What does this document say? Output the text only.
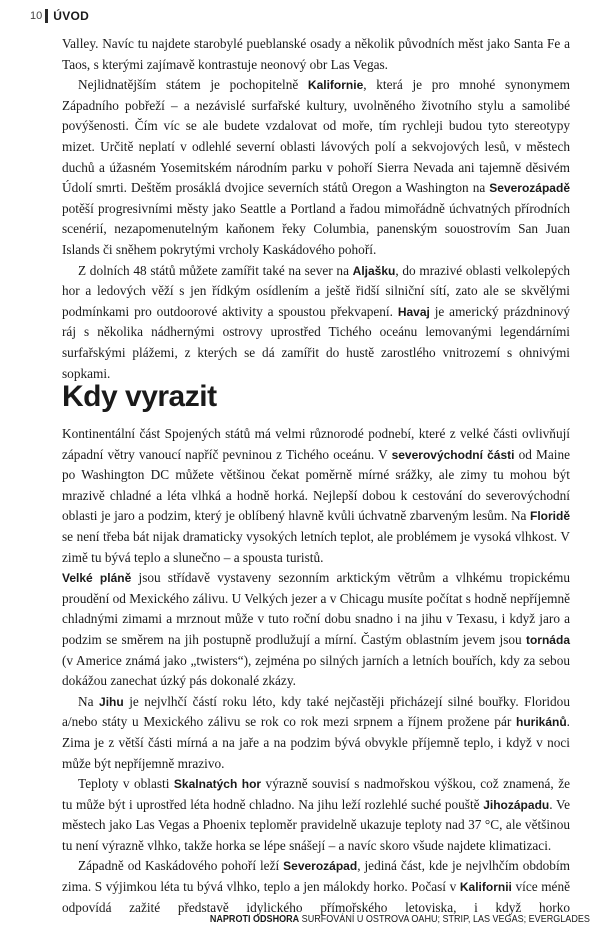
10 ÚVOD

Valley. Navíc tu najdete starobylé pueblanské osady a několik původních měst jako Santa Fe a Taos, s kterými zajímavě kontrastuje neonový obr Las Vegas.

Nejlidnatějším státem je pochopitelně Kalifornie, která je pro mnohé synonymem Západního pobřeží – a nezávislé surfařské kultury, uvolněného životního stylu a samolibé povýšenosti. Čím víc se ale budete vzdalovat od moře, tím rychleji budou tyto stereotypy mizet. Určitě neplatí v odlehlé severní oblasti lávových polí a sekvojových lesů, v městech duchů a úžasném Yosemitském národním parku v pohoří Sierra Nevada ani tajemně děsivém Údolí smrti. Deštěm prosáklá dvojice severních států Oregon a Washington na Severozápadě potěší progresivními městy jako Seattle a Portland a řadou mimořádně úchvatných přírodních scenérií, nezapomenutelným kaňonem řeky Columbia, panenským souostrovím San Juan Islands či sněhem pokrytými vrcholy Kaskádového pohoří.

Z dolních 48 států můžete zamířit také na sever na Aljašku, do mrazivé oblasti velkolepých hor a ledových věží s jen řídkým osídlením a ještě řidší silniční sítí, zato ale se skvělými podmínkami pro outdoorové aktivity a spoustou překvapení. Havaj je americký prázdninový ráj s několika nádhernými ostrovy uprostřed Tichého oceánu lemovanými legendárními surfařskými plážemi, z kterých se dá zamířit do hustě zarostlého vnitrozemí s ohnivými sopkami.

Kdy vyrazit

Kontinentální část Spojených států má velmi různorodé podnebí, které z velké části ovlivňují západní větry vanoucí napříč pevninou z Tichého oceánu. V severovýchodní části od Maine po Washington DC můžete většinou čekat poměrně mírné srážky, ale zimy tu mohou být mrazivě chladné a léta vlhká a hodně horká. Nejlepší dobou k cestování do severovýchodní oblasti je jaro a podzim, který je oblíbený hlavně kvůli úchvatně zbarveným lesům. Na Floridě se není třeba bát nijak dramaticky vysokých letních teplot, ale problémem je vysoká vlhkost. V zimě tu bývá teplo a slunečno – a spousta turistů.

Velké pláně jsou střídavě vystaveny sezonním arktickým větrům a vlhkému tropickému proudění od Mexického zálivu. U Velkých jezer a v Chicagu musíte počítat s hodně nepříjemně chladnými zimami a mrznout může v tuto roční dobu snadno i na jihu v Texasu, i když jaro a podzim se směrem na jih postupně prodlužují a mírní. Častým oblastním jevem jsou tornáda (v Americe známá jako „twisters“), zejména po silných jarních a letních bouřích, kdy za sebou dokážou zanechat úzký pás dokonalé zkázy.

Na Jihu je nejvlhčí částí roku léto, kdy také nejčastěji přicházejí silné bouřky. Floridou a/nebo státy u Mexického zálivu se rok co rok mezi srpnem a říjnem prožene pár hurikánů. Zima je z větší části mírná a na jaře a na podzim bývá obvykle příjemně teplo, i když v noci může být nepříjemně mrazivo.

Teploty v oblasti Skalnatých hor výrazně souvisí s nadmořskou výškou, což znamená, že tu může být i uprostřed léta hodně chladno. Na jihu leží rozlehlé suché pouště Jihozápadu. Ve městech jako Las Vegas a Phoenix teploměr pravidelně ukazuje teploty nad 37 °C, ale většinou tu není výrazně vlhko, takže horka se lépe snášejí – a navíc skoro všude najdete klimatizaci.

Západně od Kaskádového pohoří leží Severozápad, jediná část, kde je nejvlhčím obdobím zima. S výjimkou léta tu bývá vlhko, teplo a jen málokdy horko. Počasí v Kalifornii více méně odpovídá zažité představě idylického přímořského letoviska, i když horko

NAPROTI ODSHORA SURFOVÁNÍ U OSTROVA OAHU; STRIP, LAS VEGAS; EVERGLADES
